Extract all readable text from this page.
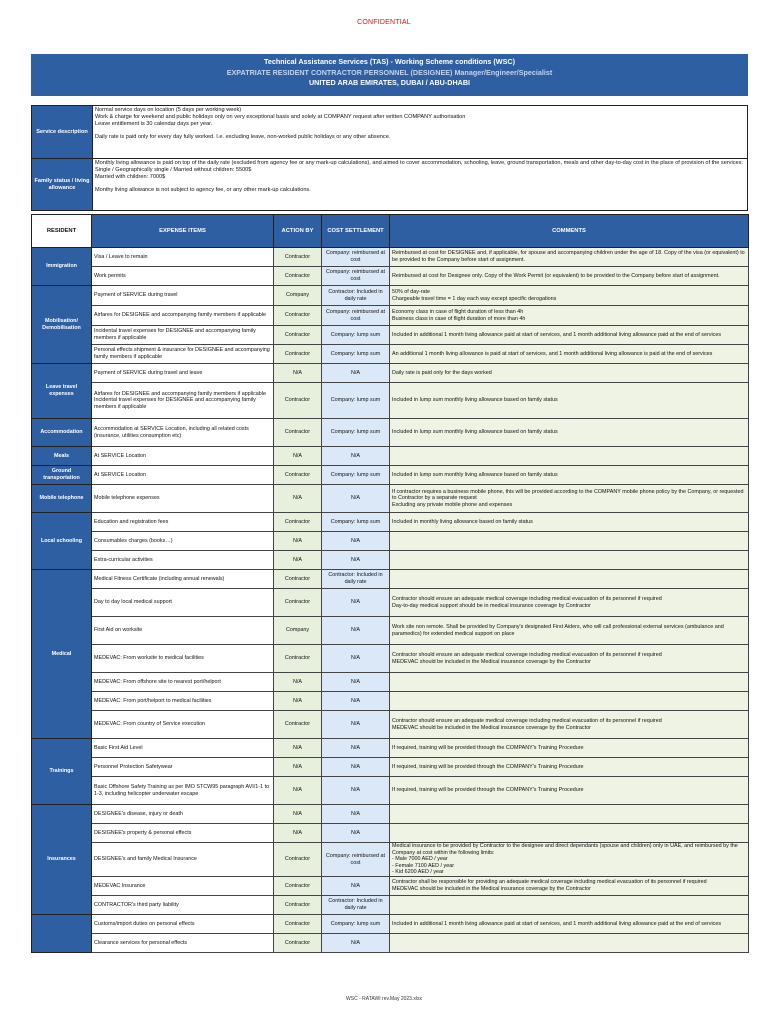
CONFIDENTIAL
Technical Assistance Services (TAS) - Working Scheme conditions (WSC)
EXPATRIATE RESIDENT CONTRACTOR PERSONNEL (DESIGNEE) Manager/Engineer/Specialist
UNITED ARAB EMIRATES, DUBAI / ABU-DHABI
Service description	Normal service days on location (5 days per working week)
Work & charge for weekend and public holidays only on very exceptional basis and solely at COMPANY request after written COMPANY authorisation
Leave entitlement is 30 calendar days per year.
Daily rate is paid only for every day fully worked. I.e. excluding leave, non-worked public holidays or any other absence.

Family status / living allowance	Monthly living allowance is paid on top of the daily rate (excluded from agency fee or any mark-up calculations), and aimed to cover accommodation, schooling, leave, ground transportation, meals and other day-to-day cost in the place of provision of the services:
Single / Geographically single / Married without children: 5500$
Married with children: 7000$
Monthy living allowance is not subject to agency fee, or any other mark-up calculations.
RESIDENT	EXPENSE ITEMS	ACTION BY	COST SETTLEMENT	COMMENTS
Immigration	Visa / Leave to remain	Contractor	Company: reimbursed at cost	Reimbursed at cost for DESIGNEE and, if applicable, for spouse and accompanying children under the age of 18. Copy of the visa (or equivalent) to be provided to the Company before start of assignment.
	Work permits	Contractor	Company: reimbursed at cost	Reimbursed at cost for Designee only. Copy of the Work Permit (or equivalent) to be provided to the Company before start of assignment.
Mobilisation/ Demobilisation	Payment of SERVICE during travel	Company	Contractor: Included in daily rate	50% of day-rate
Chargeable travel time = 1 day each way except specific derogations

	Airfares for DESIGNEE and accompanying family members if applicable	Contractor	Company: reimbursed at cost	Economy class in case of flight duration of less than 4h
Business class in case of flight duration of more than 4h

	Incidental travel expenses for DESIGNEE and accompanying family members if applicable	Contractor	Company: lump sum	Included in additional 1 month living allowance paid at start of services, and 1 month additional living allowance paid at the end of services
	Personal effects shipment & insurance for DESIGNEE and accompanying family members if applicable	Contractor	Company: lump sum	An additional 1 month living allowance is paid at start of services, and 1 month additional living allowance is paid at the end of services
Leave travel expenses	Payment of SERVICE during travel and leave	N/A	N/A	Daily rate is paid only for the days worked

	Airfares for DESIGNEE and accompanying family members if applicable
Incidental travel expenses for DESIGNEE and accompanying family members if applicable	Contractor	Company: lump sum	Included in lump sum monthly living allowance based on family status
Accommodation	Accommodation at SERVICE Location, including all related costs (insurance, utilities consumption etc)	Contractor	Company: lump sum	Included in lump sum monthly living allowance based on family status
Meals	At SERVICE Location	N/A	N/A	
Ground transportation	At SERVICE Location	Contractor	Company: lump sum	Included in lump sum monthly living allowance based on family status
Mobile telephone	Mobile telephone expenses	N/A	N/A	If contractor requires a business mobile phone, this will be provided according to the COMPANY mobile phone policy by the Company, or requested to Contractor by a separate request
Excluding any private mobile phone and expenses

Local schooling	Education and registration fees	Contractor	Company: lump sum	Included in monthly living allowance based on family status
	Consumables charges (books…)	N/A	N/A	
	Extra-curricular activities	N/A	N/A	
Medical	Medical Fitness Certificate (including annual renewals)	Contractor	Contractor: Included in daily rate	
	Day to day local medical support	Contractor	N/A	Contractor should ensure an adequate medical coverage including medical evacuation of its personnel if required
Day-to-day medical support should be in medical insurance coverage by Contractor

	First Aid on worksite	Company	N/A	Work site non remote. Shall be provided by Company's designated First Aiders, who will call professional external services (ambulance and paramedics) for extended medical support on place
	MEDEVAC: From worksite to medical facilities	Contractor	N/A	Contractor should ensure an adequate medical coverage including medical evacuation of its personnel if required
MEDEVAC should be included in the Medical insurance coverage by the Contractor

	MEDEVAC: From offshore site to nearest port/helport	N/A	N/A	
	MEDEVAC: From port/helport to medical facilities	N/A	N/A	
	MEDEVAC: From country of Service execution	Contractor	N/A	Contractor should ensure an adequate medical coverage including medical evacuation of its personnel if required
MEDEVAC should be included in the Medical insurance coverage by the Contractor

Trainings	Basic First Aid Level	N/A	N/A	If required, training will be provided through the COMPANY's Training Procedure
	Personnel Protection Safetywear	N/A	N/A	If required, training will be provided through the COMPANY's Training Procedure
	Basic Offshore Safety Training as per IMO STCW95 paragraph AVI/1-1 to 1-3, including helicopter underwater escape	N/A	N/A	If required, training will be provided through the COMPANY's Training Procedure
Insurances	DESIGNEE's disease, injury or death	N/A	N/A	
	DESIGNEE's property & personal effects	N/A	N/A	
	DESIGNEE's and family Medical Insurance	Contractor	Company: reimbursed at cost	Medical insurance to be provided by Contractor to the designee and direct dependants (spouse and children) only in UAE, and reimbursed by the Company at cost within the following limits:
- Male 7000 AED / year
- Female 7100 AED / year
- Kid 6200 AED / year

	MEDEVAC Insurance	Contractor	N/A	Contractor shall be responsible for providing an adequate medical coverage including medical evacuation of its personnel if required
MEDEVAC should be included in the Medical insurance coverage by the Contractor

	CONTRACTOR's third party liability	Contractor	Contractor: Included in daily rate	
	Customs/import duties on personal effects	Contractor	Company: lump sum	Included in additional 1 month living allowance paid at start of services, and 1 month additional living allowance paid at the end of services
	Clearance services for personal effects	Contractor	N/A	
WSC - RATAWI rev.May 2023.xlsx
